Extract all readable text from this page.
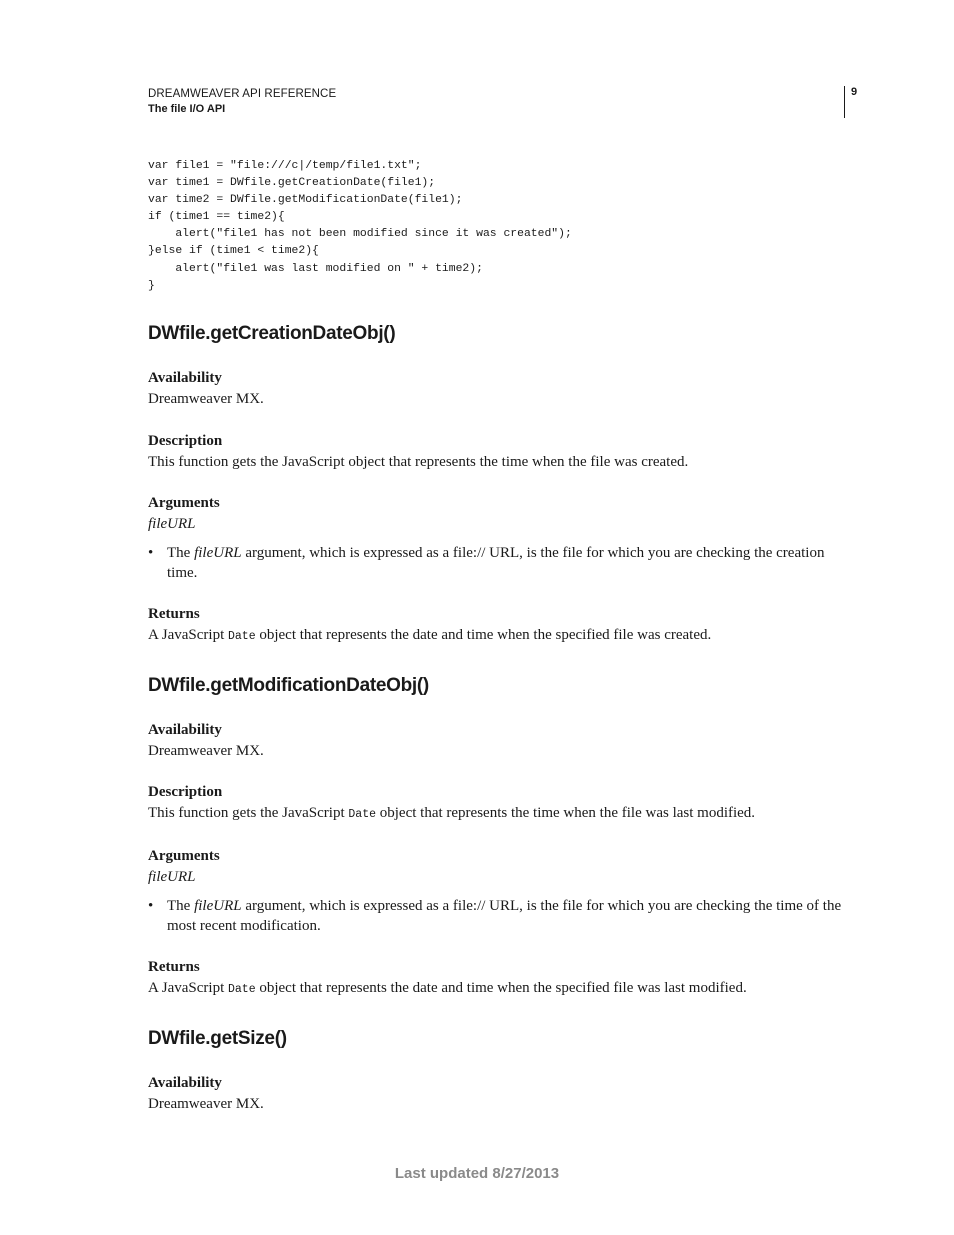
DREAMWEAVER API REFERENCE
The file I/O API
9
var file1 = "file:///c|/temp/file1.txt";
var time1 = DWfile.getCreationDate(file1);
var time2 = DWfile.getModificationDate(file1);
if (time1 == time2){
alert("file1 has not been modified since it was created");
}else if (time1 < time2){
alert("file1 was last modified on " + time2);
}
DWfile.getCreationDateObj()
Availability
Dreamweaver MX.
Description
This function gets the JavaScript object that represents the time when the file was created.
Arguments
fileURL
• The fileURL argument, which is expressed as a file:// URL, is the file for which you are checking the creation time.
Returns
A JavaScript Date object that represents the date and time when the specified file was created.
DWfile.getModificationDateObj()
Availability
Dreamweaver MX.
Description
This function gets the JavaScript Date object that represents the time when the file was last modified.
Arguments
fileURL
• The fileURL argument, which is expressed as a file:// URL, is the file for which you are checking the time of the most recent modification.
Returns
A JavaScript Date object that represents the date and time when the specified file was last modified.
DWfile.getSize()
Availability
Dreamweaver MX.
Last updated 8/27/2013
